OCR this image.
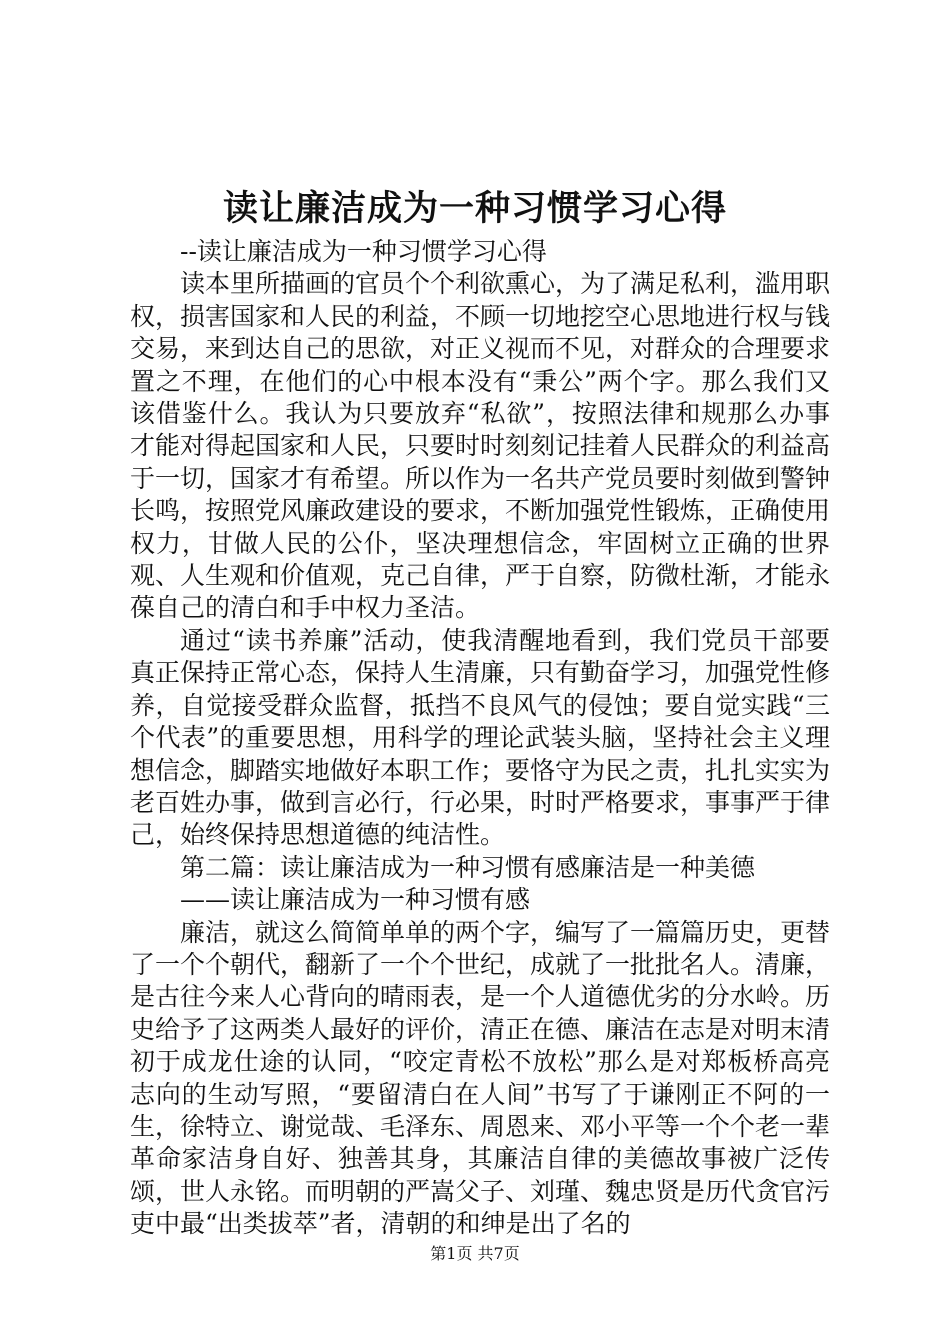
读让廉洁成为一种习惯学习心得

--读让廉洁成为一种习惯学习心得

读本里所描画的官员个个利欲熏心，为了满足私利，滥用职权，损害国家和人民的利益，不顾一切地挖空心思地进行权与钱交易，来到达自己的思欲，对正义视而不见，对群众的合理要求置之不理，在他们的心中根本没有“秉公”两个字。那么我们又该借鉴什么。我认为只要放弃“私欲”，按照法律和规那么办事才能对得起国家和人民，只要时时刻刻记挂着人民群众的利益高于一切，国家才有希望。所以作为一名共产党员要时刻做到警钟长鸣，按照党风廉政建设的要求，不断加强党性锻炼，正确使用权力，甘做人民的公仆，坚决理想信念，牢固树立正确的世界观、人生观和价值观，克己自律，严于自察，防微杜渐，才能永葆自己的清白和手中权力圣洁。

通过“读书养廉”活动，使我清醒地看到，我们党员干部要真正保持正常心态，保持人生清廉，只有勤奋学习，加强党性修养，自觉接受群众监督，抵挡不良风气的侵蚀；要自觉实践“三个代表”的重要思想，用科学的理论武装头脑，坚持社会主义理想信念，脚踏实地做好本职工作；要恪守为民之责，扎扎实实为老百姓办事，做到言必行，行必果，时时严格要求，事事严于律己，始终保持思想道德的纯洁性。

第二篇：读让廉洁成为一种习惯有感廉洁是一种美德

——读让廉洁成为一种习惯有感

廉洁，就这么简简单单的两个字，编写了一篇篇历史，更替了一个个朝代，翻新了一个个世纪，成就了一批批名人。清廉，是古往今来人心背向的晴雨表，是一个人道德优劣的分水岭。历史给予了这两类人最好的评价，清正在德、廉洁在志是对明末清初于成龙仕途的认同，“咬定青松不放松”那么是对郑板桥高亮志向的生动写照，“要留清白在人间”书写了于谦刚正不阿的一生，徐特立、谢觉哉、毛泽东、周恩来、邓小平等一个个老一辈革命家洁身自好、独善其身，其廉洁自律的美德故事被广泛传颂，世人永铭。而明朝的严嵩父子、刘瑾、魏忠贤是历代贪官污吏中最“出类拔萃”者，清朝的和绅是出了名的

第1页 共7页
